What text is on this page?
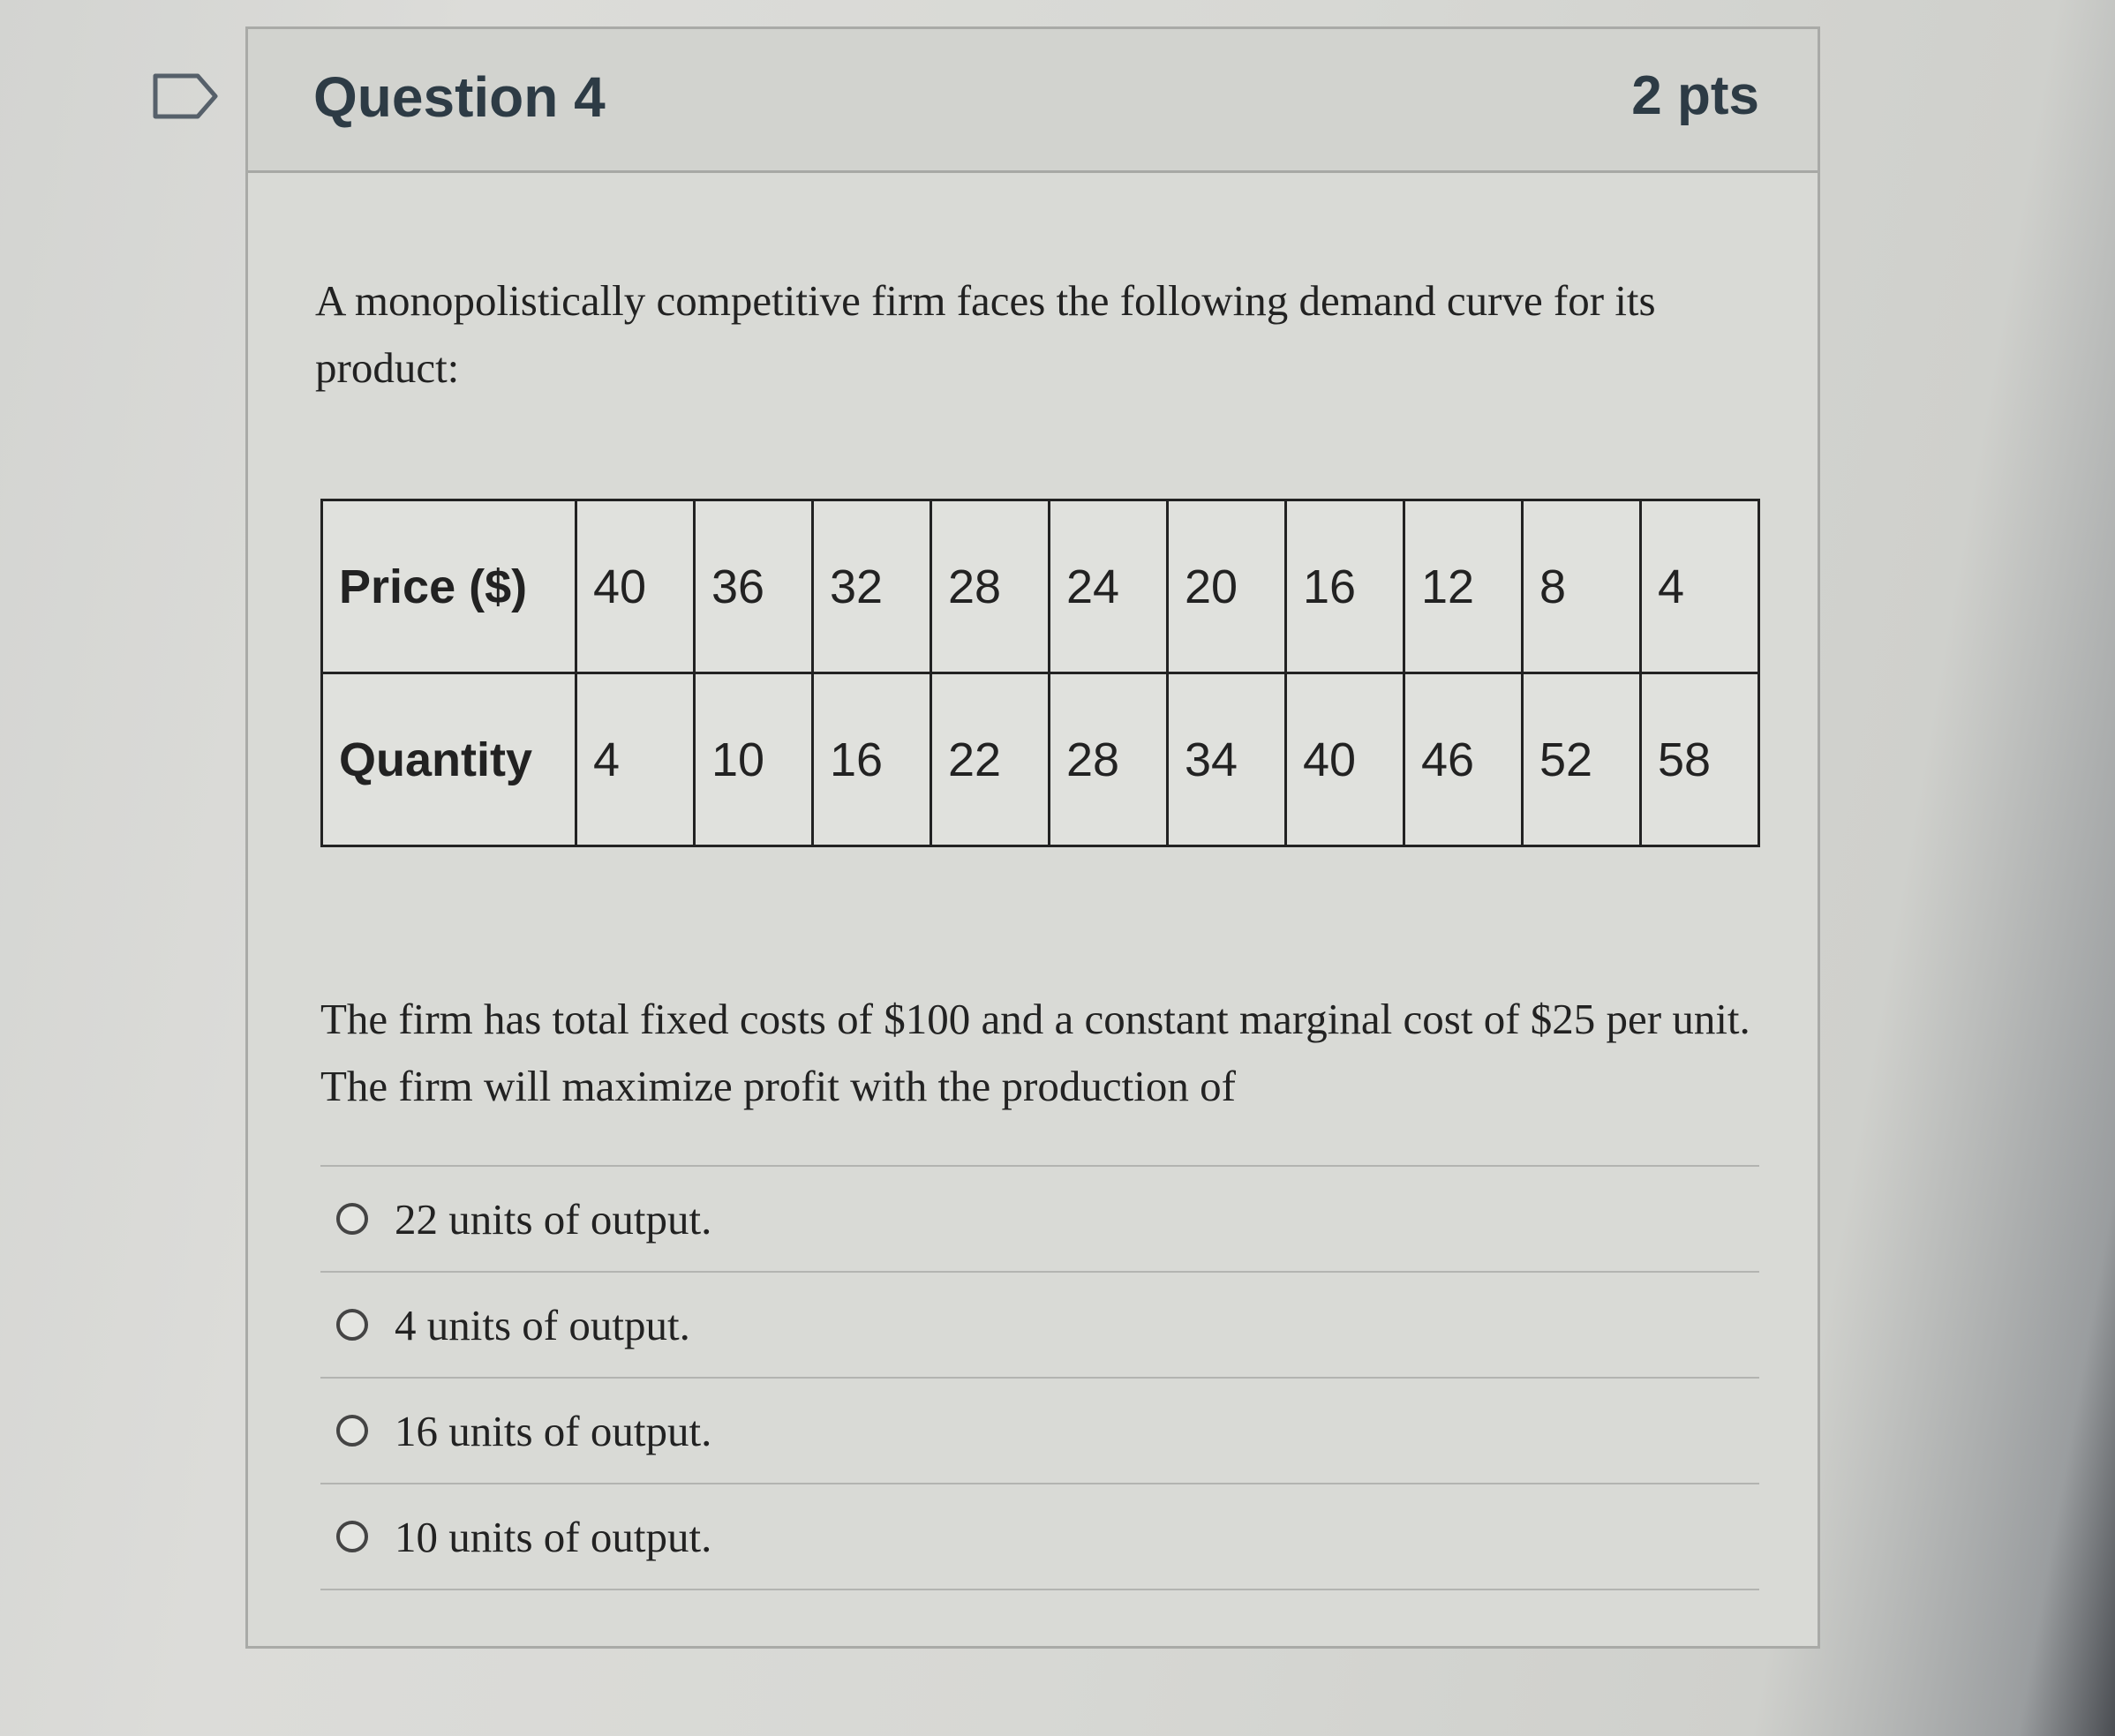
Question 4	2 pts
A monopolistically competitive firm faces the following demand curve for its product:
Price ($)	40	36	32	28	24	20	16	12	8	4
Quantity	4	10	16	22	28	34	40	46	52	58
The firm has total fixed costs of $100 and a constant marginal cost of $25 per unit. The firm will maximize profit with the production of
22 units of output.
4 units of output.
16 units of output.
10 units of output.
